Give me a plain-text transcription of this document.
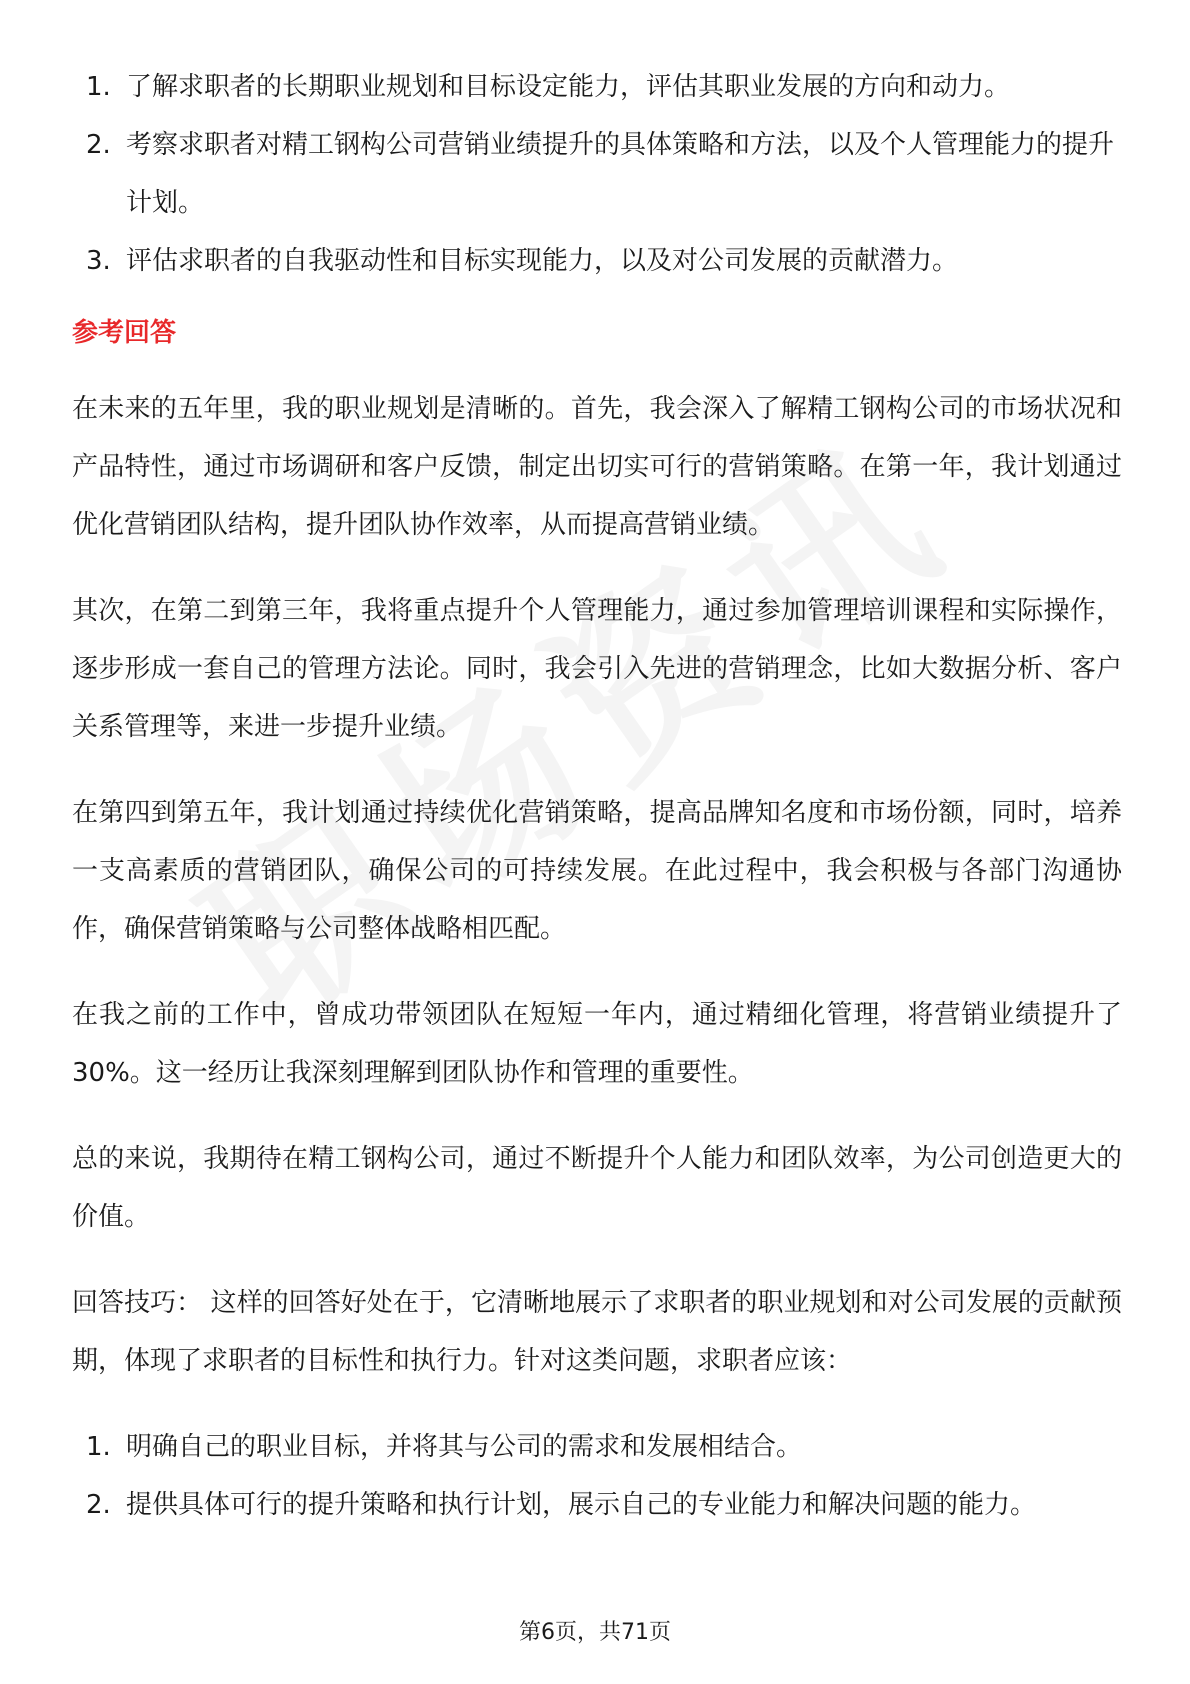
1. 了解求职者的长期职业规划和目标设定能力，评估其职业发展的方向和动力。
2. 考察求职者对精工钢构公司营销业绩提升的具体策略和方法，以及个人管理能力的提升计划。
3. 评估求职者的自我驱动性和目标实现能力，以及对公司发展的贡献潜力。
参考回答

在未来的五年里，我的职业规划是清晰的。首先，我会深入了解精工钢构公司的市场状况和产品特性，通过市场调研和客户反馈，制定出切实可行的营销策略。在第一年，我计划通过优化营销团队结构，提升团队协作效率，从而提高营销业绩。

其次，在第二到第三年，我将重点提升个人管理能力，通过参加管理培训课程和实际操作，逐步形成一套自己的管理方法论。同时，我会引入先进的营销理念，比如大数据分析、客户关系管理等，来进一步提升业绩。

在第四到第五年，我计划通过持续优化营销策略，提高品牌知名度和市场份额，同时，培养一支高素质的营销团队，确保公司的可持续发展。在此过程中，我会积极与各部门沟通协作，确保营销策略与公司整体战略相匹配。

在我之前的工作中，曾成功带领团队在短短一年内，通过精细化管理，将营销业绩提升了30%。这一经历让我深刻理解到团队协作和管理的重要性。

总的来说，我期待在精工钢构公司，通过不断提升个人能力和团队效率，为公司创造更大的价值。

回答技巧： 这样的回答好处在于，它清晰地展示了求职者的职业规划和对公司发展的贡献预期，体现了求职者的目标性和执行力。针对这类问题，求职者应该：

1. 明确自己的职业目标，并将其与公司的需求和发展相结合。
2. 提供具体可行的提升策略和执行计划，展示自己的专业能力和解决问题的能力。
第6页，共71页
